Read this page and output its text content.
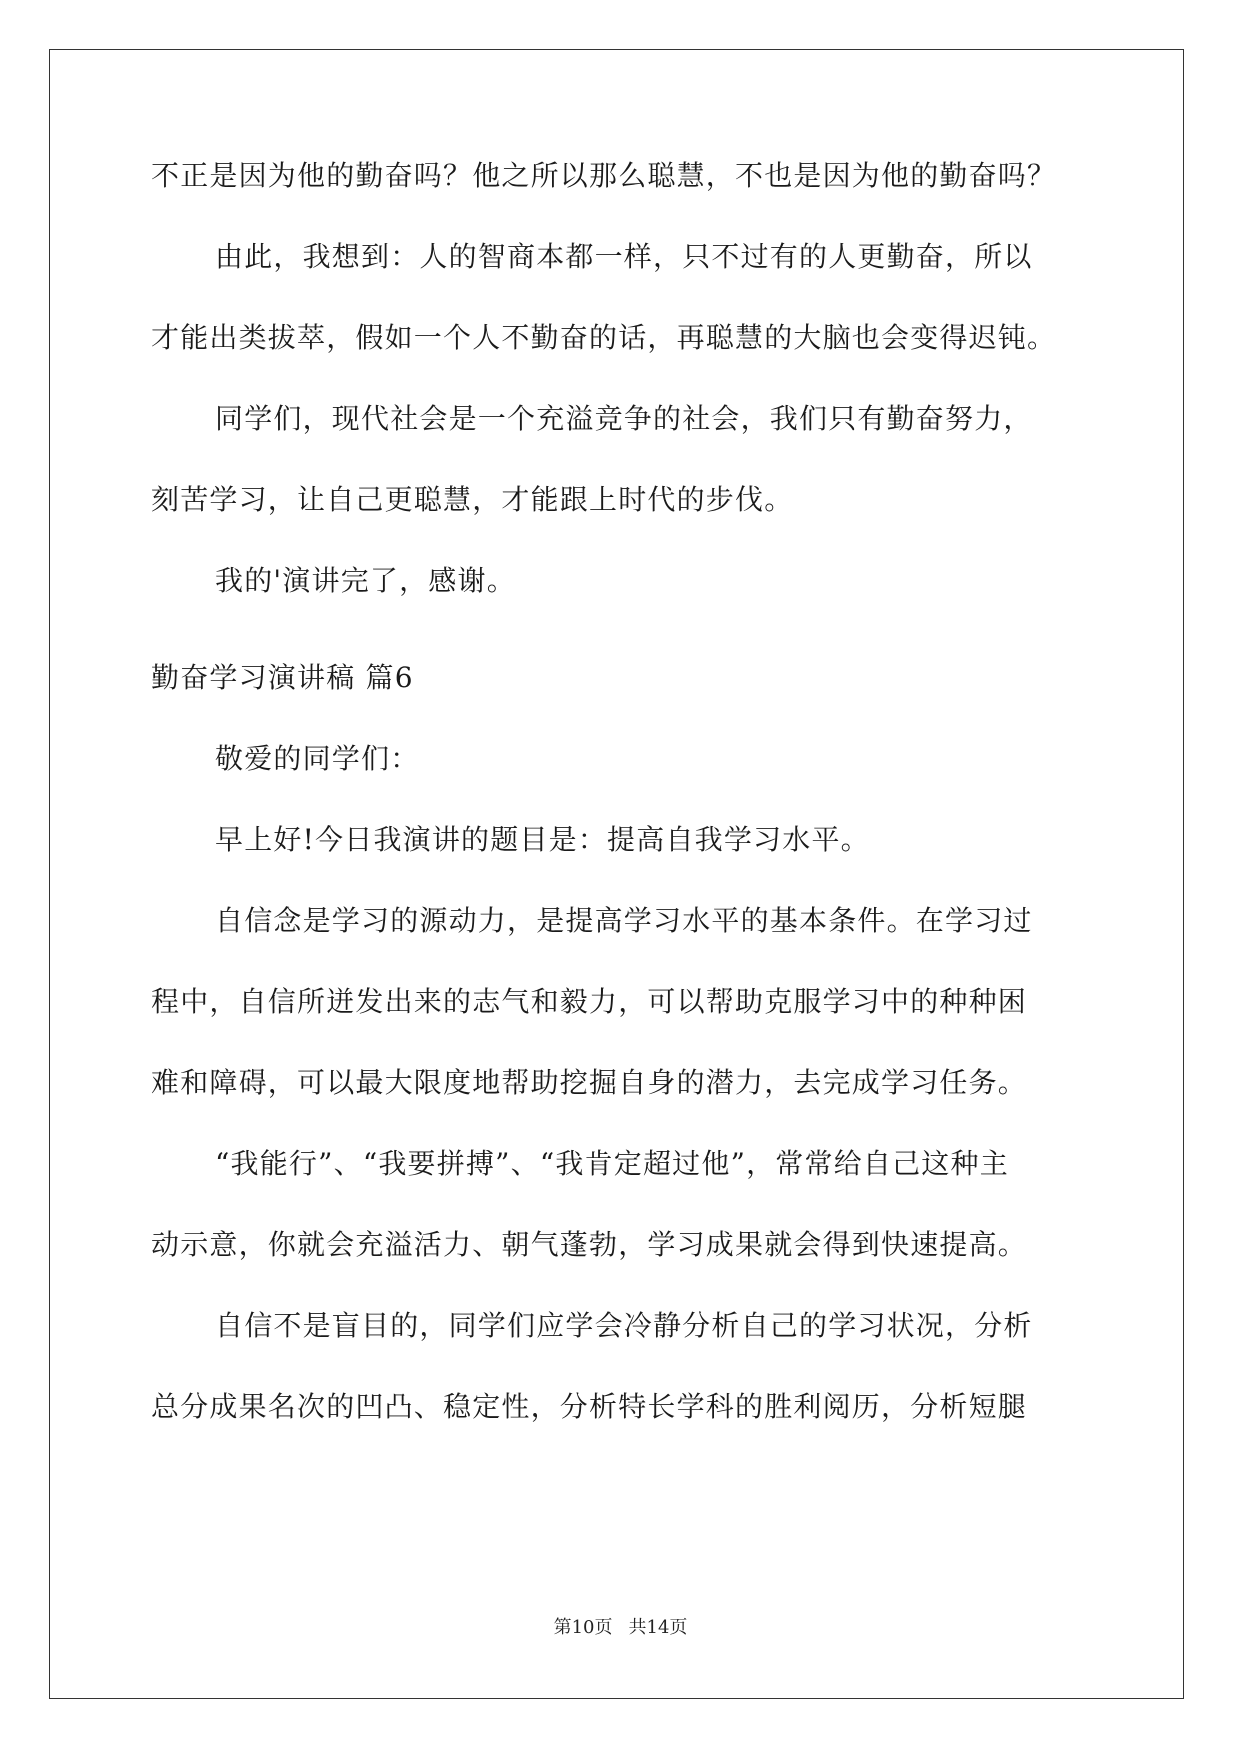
不正是因为他的勤奋吗？他之所以那么聪慧，不也是因为他的勤奋吗？
由此，我想到：人的智商本都一样，只不过有的人更勤奋，所以
才能出类拔萃，假如一个人不勤奋的话，再聪慧的大脑也会变得迟钝。
同学们，现代社会是一个充溢竞争的社会，我们只有勤奋努力，
刻苦学习，让自己更聪慧，才能跟上时代的步伐。
我的'演讲完了，感谢。
勤奋学习演讲稿 篇6
敬爱的同学们：
早上好!今日我演讲的题目是：提高自我学习水平。
自信念是学习的源动力，是提高学习水平的基本条件。在学习过
程中，自信所迸发出来的志气和毅力，可以帮助克服学习中的种种困
难和障碍，可以最大限度地帮助挖掘自身的潜力，去完成学习任务。
“我能行”、“我要拼搏”、“我肯定超过他”，常常给自己这种主
动示意，你就会充溢活力、朝气蓬勃，学习成果就会得到快速提高。
自信不是盲目的，同学们应学会冷静分析自己的学习状况，分析
总分成果名次的凹凸、稳定性，分析特长学科的胜利阅历，分析短腿
第10页 共14页
